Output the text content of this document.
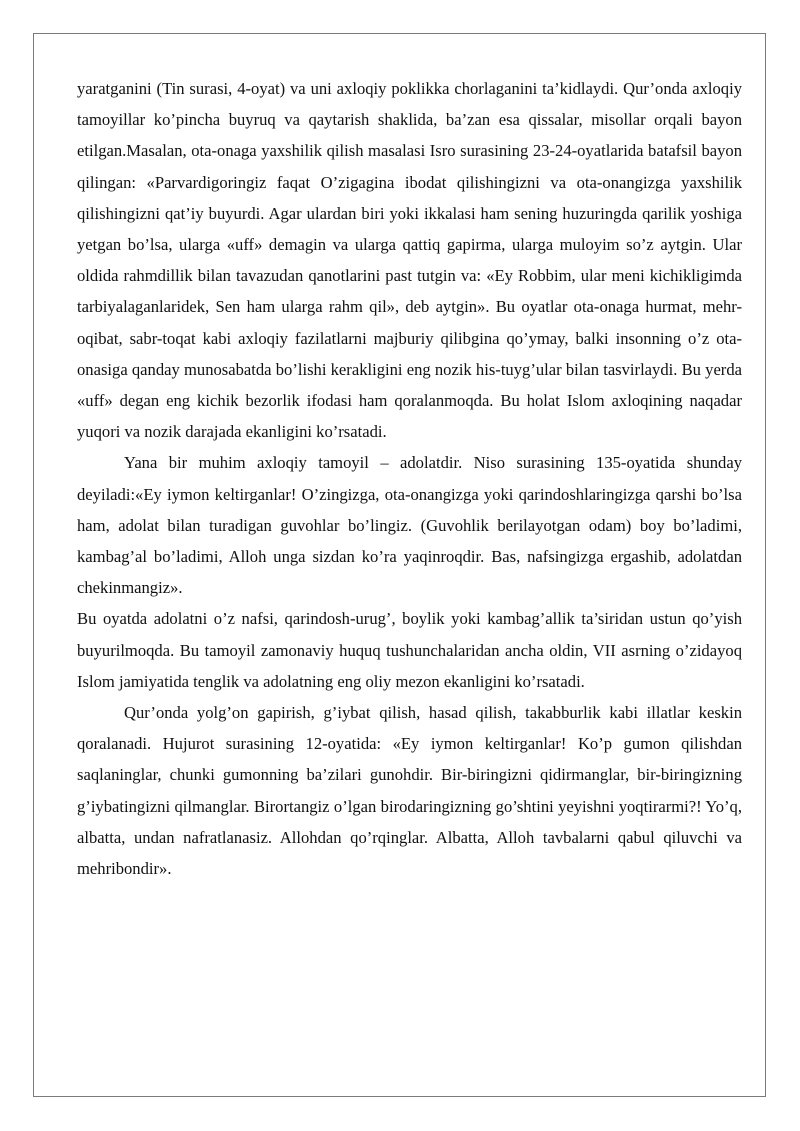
yaratganini (Tin surasi, 4-oyat) va uni axloqiy poklikka chorlaganini ta’kidlaydi. Qur’onda axloqiy tamoyillar ko’pincha buyruq va qaytarish shaklida, ba’zan esa qissalar, misollar orqali bayon etilgan.Masalan, ota-onaga yaxshilik qilish masalasi Isro surasining 23-24-oyatlarida batafsil bayon qilingan: «Parvardigoringiz faqat O’zigagina ibodat qilishingizni va ota-onangizga yaxshilik qilishingizni qat’iy buyurdi. Agar ulardan biri yoki ikkalasi ham sening huzuringda qarilik yoshiga yetgan bo’lsa, ularga «uff» demagin va ularga qattiq gapirma, ularga muloyim so’z aytgin. Ular oldida rahmdillik bilan tavazudan qanotlarini past tutgin va: «Ey Robbim, ular meni kichikligimda tarbiyalaganlaridek, Sen ham ularga rahm qil», deb aytgin». Bu oyatlar ota-onaga hurmat, mehr-oqibat, sabr-toqat kabi axloqiy fazilatlarni majburiy qilibgina qo’ymay, balki insonning o’z ota-onasiga qanday munosabatda bo’lishi kerakligini eng nozik his-tuyg’ular bilan tasvirlaydi. Bu yerda «uff» degan eng kichik bezorlik ifodasi ham qoralanmoqda. Bu holat Islom axloqining naqadar yuqori va nozik darajada ekanligini ko’rsatadi.

Yana bir muhim axloqiy tamoyil – adolatdir. Niso surasining 135-oyatida shunday deyiladi:«Ey iymon keltirganlar! O’zingizga, ota-onangizga yoki qarindoshlaringizga qarshi bo’lsa ham, adolat bilan turadigan guvohlar bo’lingiz. (Guvohlik berilayotgan odam) boy bo’ladimi, kambag’al bo’ladimi, Alloh unga sizdan ko’ra yaqinroqdir. Bas, nafsingizga ergashib, adolatdan chekinmangiz».

Bu oyatda adolatni o’z nafsi, qarindosh-urug’, boylik yoki kambag’allik ta’siridan ustun qo’yish buyurilmoqda. Bu tamoyil zamonaviy huquq tushunchalaridan ancha oldin, VII asrning o’zidayoq Islom jamiyatida tenglik va adolatning eng oliy mezon ekanligini ko’rsatadi.

Qur’onda yolg’on gapirish, g’iybat qilish, hasad qilish, takabburlik kabi illatlar keskin qoralanadi. Hujurot surasining 12-oyatida: «Ey iymon keltirganlar! Ko’p gumon qilishdan saqlaninglar, chunki gumonning ba’zilari gunohdir. Bir-biringizni qidirmanglar, bir-biringizning g’iybatingizni qilmanglar. Birortangiz o’lgan birodaringizning go’shtini yeyishni yoqtirarmi?! Yo’q, albatta, undan nafratlanasiz. Allohdan qo’rqinglar. Albatta, Alloh tavbalarni qabul qiluvchi va mehribondir».
